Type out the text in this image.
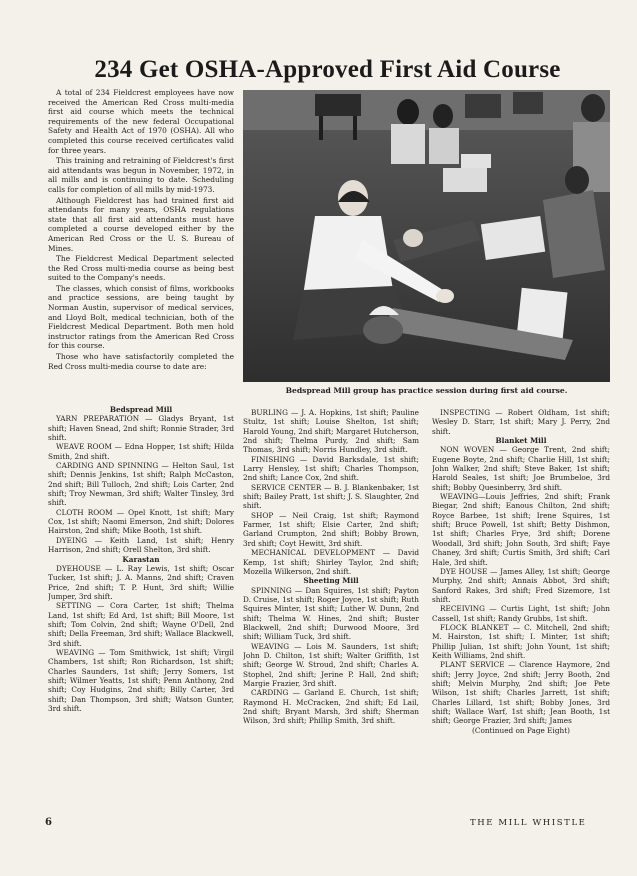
234 Get OSHA-Approved First Aid Course

A total of 234 Fieldcrest employees have now received the American Red Cross multi-media first aid course which meets the technical requirements of the new federal Occupational Safety and Health Act of 1970 (OSHA). All who completed this course received certificates valid for three years.

This training and retraining of Fieldcrest's first aid attendants was begun in November, 1972, in all mills and is continuing to date. Scheduling calls for completion of all mills by mid-1973.

Although Fieldcrest has had trained first aid attendants for many years, OSHA regulations state that all first aid attendants must have completed a course developed either by the American Red Cross or the U. S. Bureau of Mines.

The Fieldcrest Medical Department selected the Red Cross multi-media course as being best suited to the Company's needs.

The classes, which consist of films, workbooks and practice sessions, are being taught by Norman Austin, supervisor of medical services, and Lloyd Bolt, medical technician, both of the Fieldcrest Medical Department. Both men hold instructor ratings from the American Red Cross for this course.

Those who have satisfactorily completed the Red Cross multi-media course to date are:

Bedspread Mill group has practice session during first aid course.

Bedspread Mill

YARN PREPARATION — Gladys Bryant, 1st shift; Haven Snead, 2nd shift; Ronnie Strader, 3rd shift.

WEAVE ROOM — Edna Hopper, 1st shift; Hilda Smith, 2nd shift.

CARDING AND SPINNING — Helton Saul, 1st shift; Dennis Jenkins, 1st shift; Ralph McCaston, 2nd shift; Bill Tulloch, 2nd shift; Lois Carter, 2nd shift; Troy Newman, 3rd shift; Walter Tinsley, 3rd shift.

CLOTH ROOM — Opel Knott, 1st shift; Mary Cox, 1st shift; Naomi Emerson, 2nd shift; Dolores Hairston, 2nd shift; Mike Booth, 1st shift.

DYEING — Keith Land, 1st shift; Henry Harrison, 2nd shift; Orell Shelton, 3rd shift.

Karastan

DYEHOUSE — L. Ray Lewis, 1st shift; Oscar Tucker, 1st shift; J. A. Manns, 2nd shift; Craven Price, 2nd shift; T. P. Hunt, 3rd shift; Willie Jumper, 3rd shift.

SETTING — Cora Carter, 1st shift; Thelma Land, 1st shift; Ed Ard, 1st shift; Bill Moore, 1st shift; Tom Colvin, 2nd shift; Wayne O'Dell, 2nd shift; Della Freeman, 3rd shift; Wallace Blackwell, 3rd shift.

WEAVING — Tom Smithwick, 1st shift; Virgil Chambers, 1st shift; Ron Richardson, 1st shift; Charles Saunders, 1st shift; Jerry Somers, 1st shift; Wilmer Yeatts, 1st shift; Penn Anthony, 2nd shift; Coy Hudgins, 2nd shift; Billy Carter, 3rd shift; Dan Thompson, 3rd shift; Watson Gunter, 3rd shift.

BURLING — J. A. Hopkins, 1st shift; Pauline Stultz, 1st shift; Louise Shelton, 1st shift; Harold Young, 2nd shift; Margaret Hutcherson, 2nd shift; Thelma Purdy, 2nd shift; Sam Thomas, 3rd shift; Norris Hundley, 3rd shift.

FINISHING — David Barksdale, 1st shift; Larry Hensley, 1st shift; Charles Thompson, 2nd shift; Lance Cox, 2nd shift.

SERVICE CENTER — B. J. Blankenbaker, 1st shift; Bailey Pratt, 1st shift; J. S. Slaughter, 2nd shift.

SHOP — Neil Craig, 1st shift; Raymond Farmer, 1st shift; Elsie Carter, 2nd shift; Garland Crumpton, 2nd shift; Bobby Brown, 3rd shift; Coyt Hewitt, 3rd shift.

MECHANICAL DEVELOPMENT — David Kemp, 1st shift; Shirley Taylor, 2nd shift; Mozella Wilkerson, 2nd shift.

Sheeting Mill

SPINNING — Dan Squires, 1st shift; Payton D. Cruise, 1st shift; Roger Joyce, 1st shift; Ruth Squires Minter, 1st shift; Luther W. Dunn, 2nd shift; Thelma W. Hines, 2nd shift; Buster Blackwell, 2nd shift; Durwood Moore, 3rd shift; William Tuck, 3rd shift.

WEAVING — Lois M. Saunders, 1st shift; John D. Chilton, 1st shift; Walter Griffith, 1st shift; George W. Stroud, 2nd shift; Charles A. Stophel, 2nd shift; Jerine P. Hall, 2nd shift; Margie Frazier, 3rd shift.

CARDING — Garland E. Church, 1st shift; Raymond H. McCracken, 2nd shift; Ed Lail, 2nd shift; Bryant Marsh, 3rd shift; Sherman Wilson, 3rd shift; Phillip Smith, 3rd shift.

INSPECTING — Robert Oldham, 1st shift; Wesley D. Starr, 1st shift; Mary J. Perry, 2nd shift.

Blanket Mill

NON WOVEN — George Trent, 2nd shift; Eugene Boyte, 2nd shift; Charlie Hill, 1st shift; John Walker, 2nd shift; Steve Baker, 1st shift; Harold Seales, 1st shift; Joe Brumbeloe, 3rd shift; Bobby Quesinberry, 3rd shift.

WEAVING—Louis Jeffries, 2nd shift; Frank Biegar, 2nd shift; Eanous Chilton, 2nd shift; Royce Barbee, 1st shift; Irene Squires, 1st shift; Bruce Powell, 1st shift; Betty Dishmon, 1st shift; Charles Frye, 3rd shift; Dorene Woodall, 3rd shift; John South, 3rd shift; Faye Chaney, 3rd shift; Curtis Smith, 3rd shift; Carl Hale, 3rd shift.

DYE HOUSE — James Alley, 1st shift; George Murphy, 2nd shift; Annais Abbot, 3rd shift; Sanford Rakes, 3rd shift; Fred Sizemore, 1st shift.

RECEIVING — Curtis Light, 1st shift; John Cassell, 1st shift; Randy Grubbs, 1st shift.

FLOCK BLANKET — C. Mitchell, 2nd shift; M. Hairston, 1st shift; I. Minter, 1st shift; Phillip Julian, 1st shift; John Yount, 1st shift; Keith Williams, 2nd shift.

PLANT SERVICE — Clarence Haymore, 2nd shift; Jerry Joyce, 2nd shift; Jerry Booth, 2nd shift; Melvin Murphy, 2nd shift; Joe Pete Wilson, 1st shift; Charles Jarrett, 1st shift; Charles Lillard, 1st shift; Bobby Jones, 3rd shift; Wallace Warf, 1st shift; Jean Booth, 1st shift; George Frazier, 3rd shift; James

(Continued on Page Eight)

6	THE MILL WHISTLE
